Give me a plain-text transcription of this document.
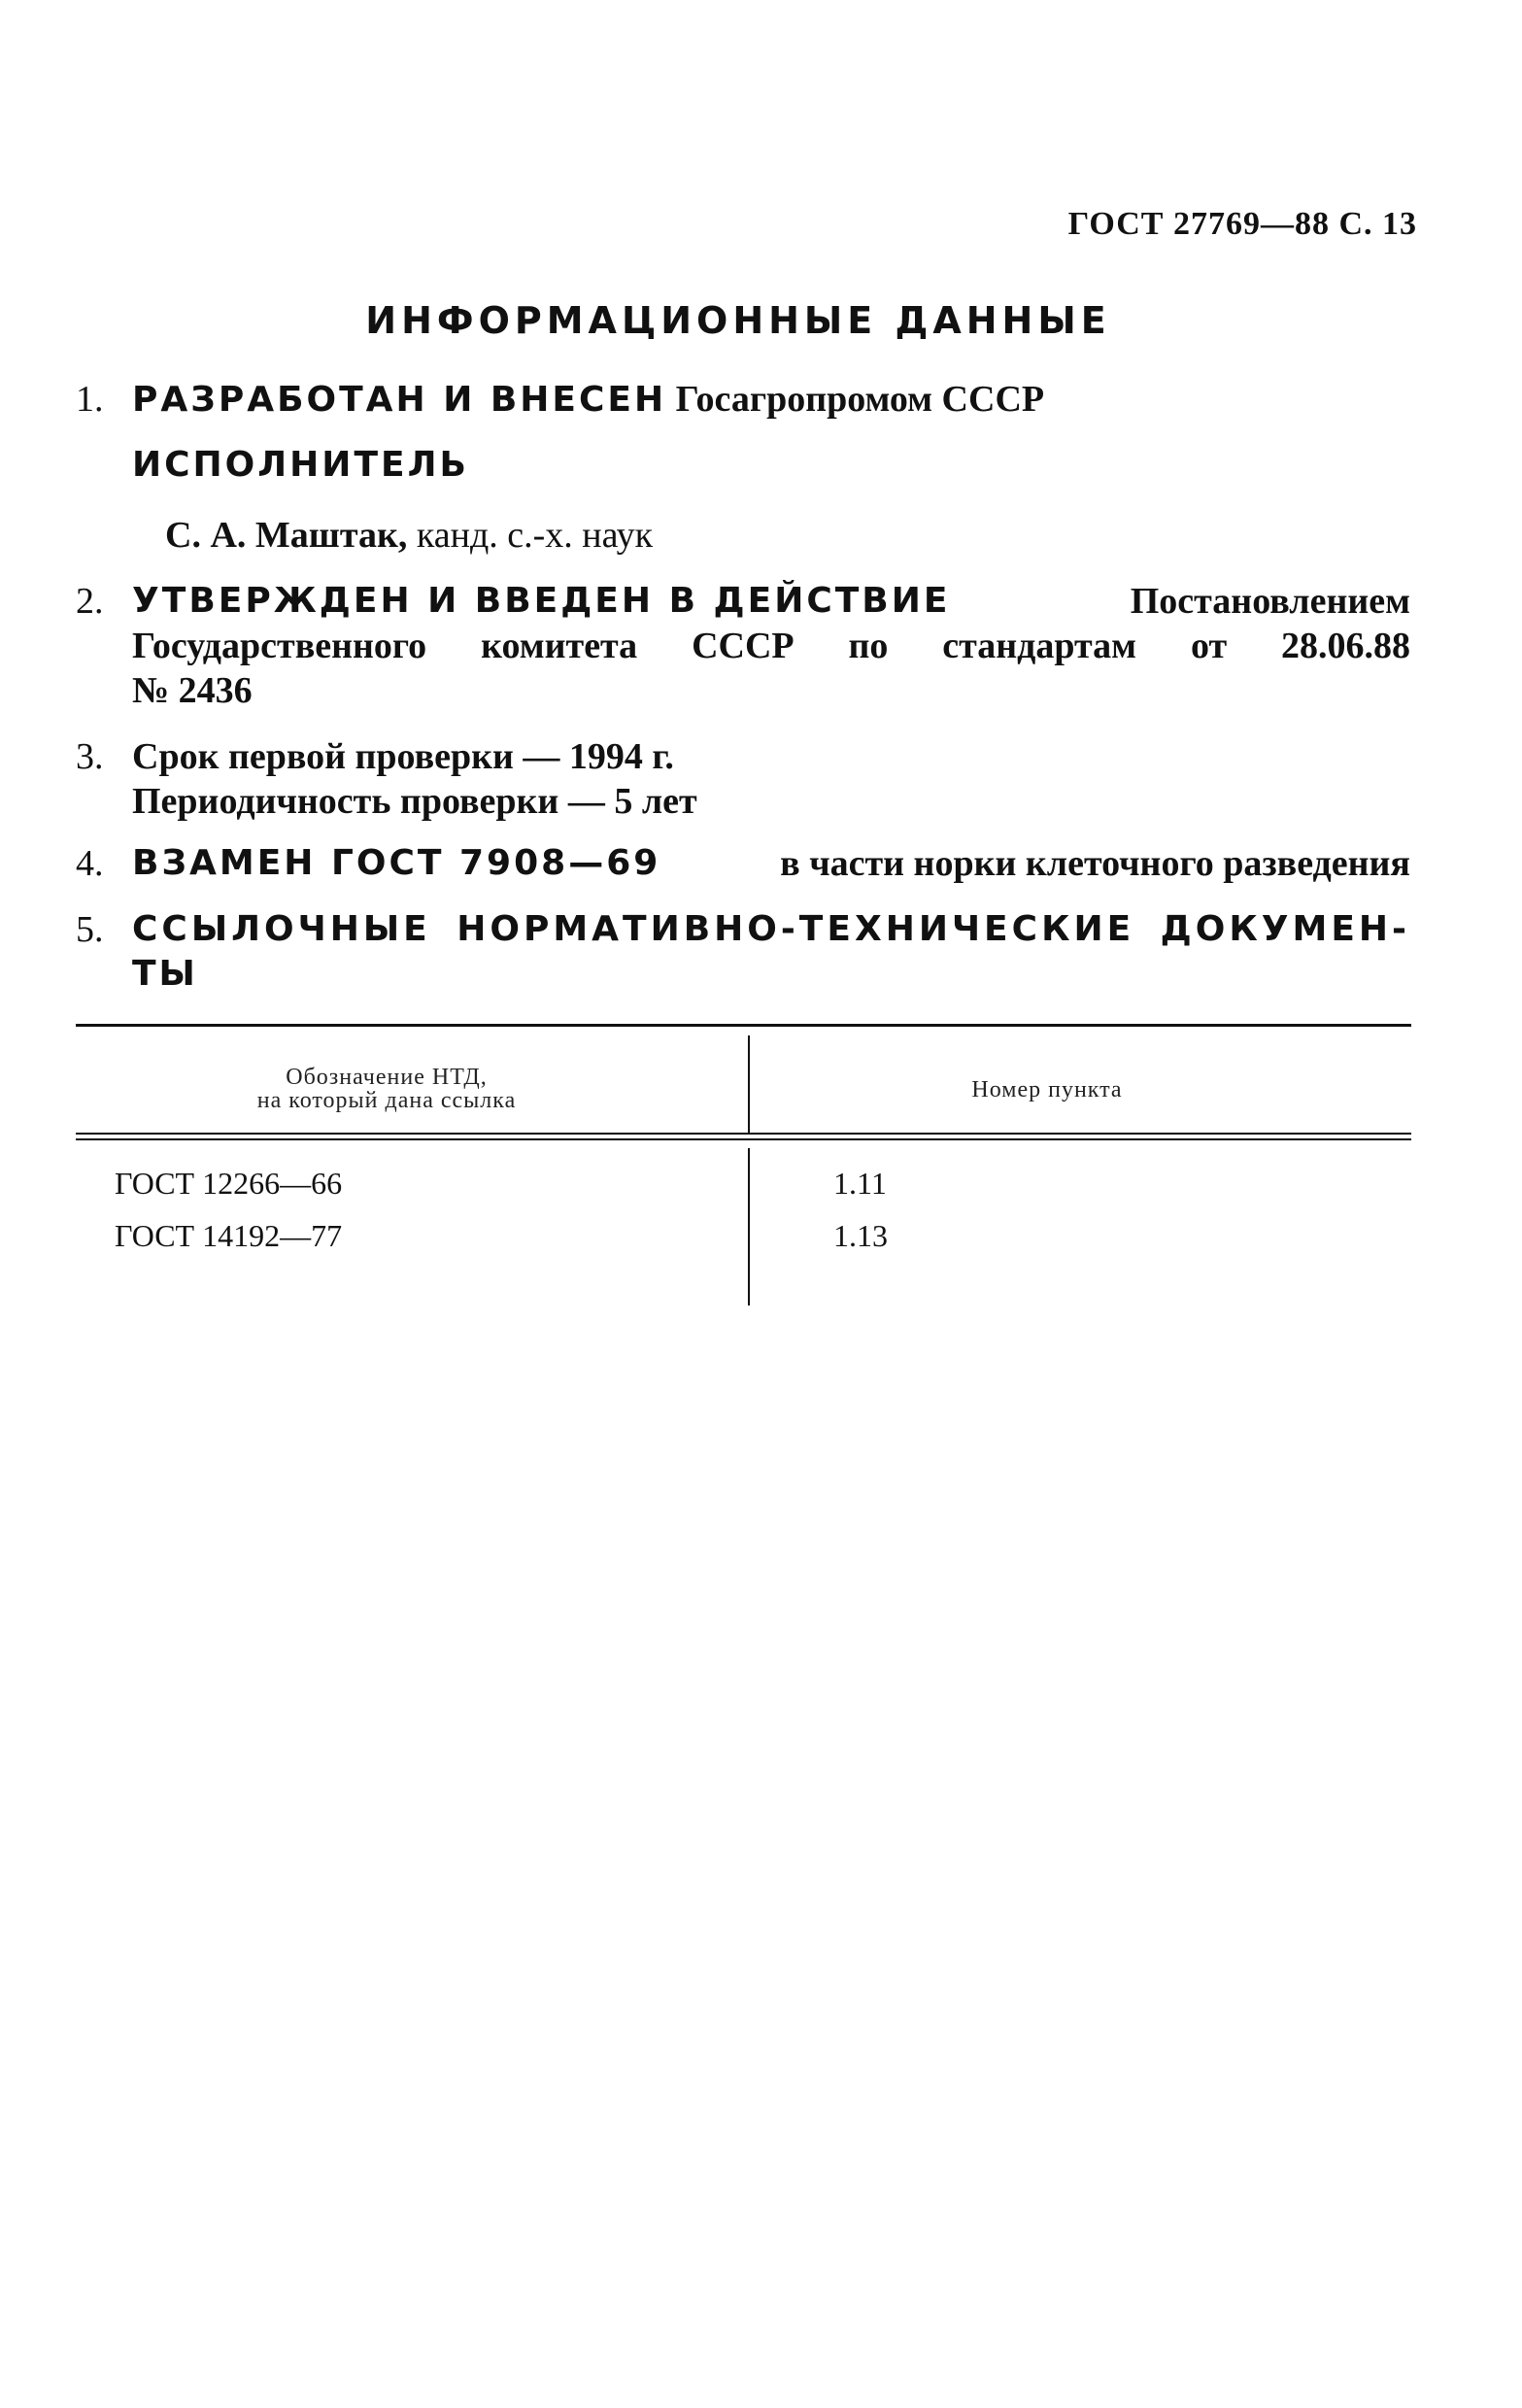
ГОСТ 27769—88 С. 13
ИНФОРМАЦИОННЫЕ ДАННЫЕ
1. РАЗРАБОТАН И ВНЕСЕН Госагропромом СССР
ИСПОЛНИТЕЛЬ
С. А. Маштак, канд. с.-х. наук
2. УТВЕРЖДЕН И ВВЕДЕН В ДЕЙСТВИЕ	Постановлением
Государственного комитета СССР по стандартам от 28.06.88
№ 2436
3. Срок первой проверки — 1994 г.
Периодичность проверки — 5 лет
4. ВЗАМЕН ГОСТ 7908—69	в части норки клеточного разведения
5. ССЫЛОЧНЫЕ НОРМАТИВНО-ТЕХНИЧЕСКИЕ ДОКУМЕН-
ТЫ
Обозначение НТД,
на который дана ссылка	Номер пункта
ГОСТ 12266—66	1.11
ГОСТ 14192—77	1.13
